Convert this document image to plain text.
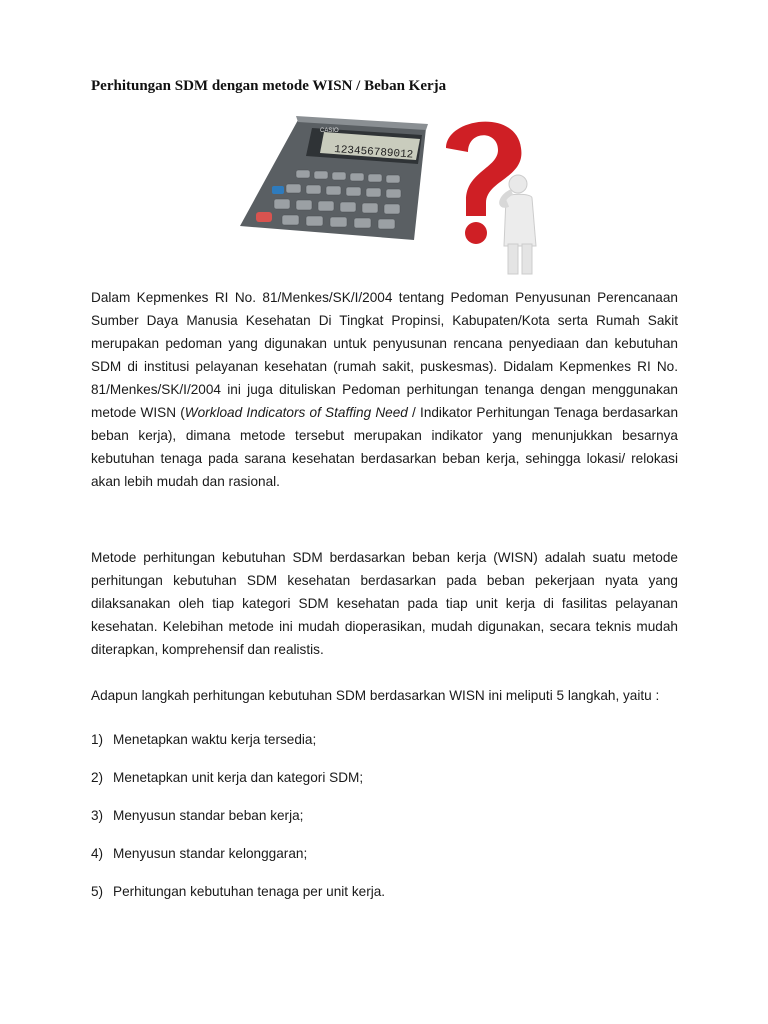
Perhitungan SDM dengan metode WISN / Beban Kerja
CASIO
123456789012

Dalam Kepmenkes RI No. 81/Menkes/SK/I/2004 tentang Pedoman Penyusunan Perencanaan Sumber Daya Manusia Kesehatan Di Tingkat Propinsi, Kabupaten/Kota serta Rumah Sakit merupakan pedoman yang digunakan untuk penyusunan rencana penyediaan dan kebutuhan SDM di institusi pelayanan kesehatan (rumah sakit, puskesmas). Didalam Kepmenkes RI No. 81/Menkes/SK/I/2004 ini juga dituliskan Pedoman perhitungan tenanga dengan menggunakan metode WISN (Workload Indicators of Staffing Need / Indikator Perhitungan Tenaga berdasarkan beban kerja), dimana metode tersebut merupakan indikator yang menunjukkan besarnya kebutuhan tenaga pada sarana kesehatan berdasarkan beban kerja, sehingga lokasi/ relokasi akan lebih mudah dan rasional.

Metode perhitungan kebutuhan SDM berdasarkan beban kerja (WISN) adalah suatu metode perhitungan kebutuhan SDM kesehatan berdasarkan pada beban pekerjaan nyata yang dilaksanakan oleh tiap kategori SDM kesehatan pada tiap unit kerja di fasilitas pelayanan kesehatan. Kelebihan metode ini mudah dioperasikan, mudah digunakan, secara teknis mudah diterapkan, komprehensif dan realistis.

Adapun langkah perhitungan kebutuhan SDM berdasarkan WISN ini meliputi 5 langkah, yaitu :

1) Menetapkan waktu kerja tersedia;
2) Menetapkan unit kerja dan kategori SDM;
3) Menyusun standar beban kerja;
4) Menyusun standar kelonggaran;
5) Perhitungan kebutuhan tenaga per unit kerja.
